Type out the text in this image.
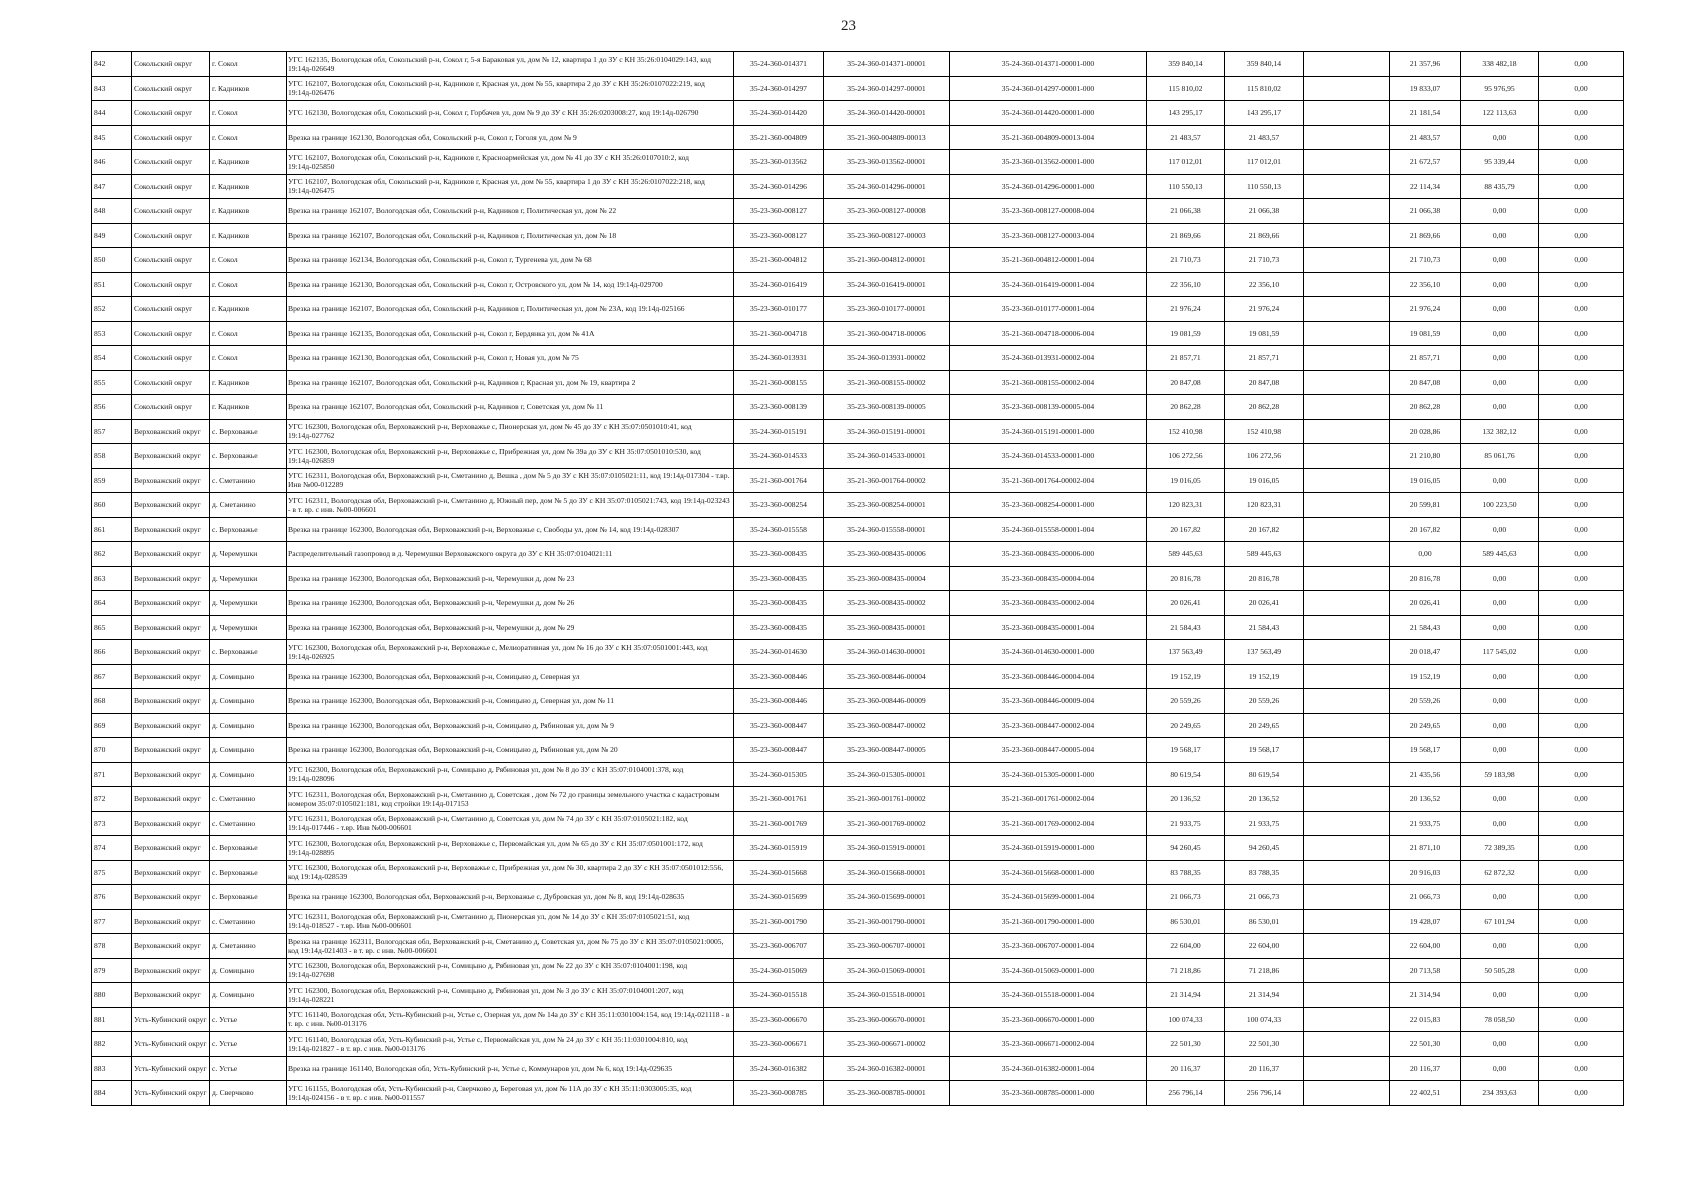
23
842	Сокольский округ	г. Сокол	УГС 162135, Вологодская обл, Сокольский р-н, Сокол г, 5-я Бараковая ул, дом № 12, квартира 1 до ЗУ с КН 35:26:0104029:143, код 19:14д-026649	35-24-360-014371	35-24-360-014371-00001	35-24-360-014371-00001-000	359 840,14	359 840,14		21 357,96	338 482,18	0,00
843	Сокольский округ	г. Кадников	УГС 162107, Вологодская обл, Сокольский р-н, Кадников г, Красная ул, дом № 55, квартира 2 до ЗУ с КН 35:26:0107022:219, код 19:14д-026476	35-24-360-014297	35-24-360-014297-00001	35-24-360-014297-00001-000	115 810,02	115 810,02		19 833,07	95 976,95	0,00
844	Сокольский округ	г. Сокол	УГС 162130, Вологодская обл, Сокольский р-н, Сокол г, Горбачев ул, дом № 9 до ЗУ с КН 35:26:0203008:27, код 19:14д-026790	35-24-360-014420	35-24-360-014420-00001	35-24-360-014420-00001-000	143 295,17	143 295,17		21 181,54	122 113,63	0,00
845	Сокольский округ	г. Сокол	Врезка на границе 162130, Вологодская обл, Сокольский р-н, Сокол г, Гоголя ул, дом № 9	35-21-360-004809	35-21-360-004809-00013	35-21-360-004809-00013-004	21 483,57	21 483,57		21 483,57	0,00	0,00
846	Сокольский округ	г. Кадников	УГС 162107, Вологодская обл, Сокольский р-н, Кадников г, Красноармейская ул, дом № 41 до ЗУ с КН 35:26:0107010:2, код 19:14д-025850	35-23-360-013562	35-23-360-013562-00001	35-23-360-013562-00001-000	117 012,01	117 012,01		21 672,57	95 339,44	0,00
847	Сокольский округ	г. Кадников	УГС 162107, Вологодская обл, Сокольский р-н, Кадников г, Красная ул, дом № 55, квартира 1 до ЗУ с КН 35:26:0107022:218, код 19:14д-026475	35-24-360-014296	35-24-360-014296-00001	35-24-360-014296-00001-000	110 550,13	110 550,13		22 114,34	88 435,79	0,00
848	Сокольский округ	г. Кадников	Врезка на границе 162107, Вологодская обл, Сокольский р-н, Кадников г, Политическая ул, дом № 22	35-23-360-008127	35-23-360-008127-00008	35-23-360-008127-00008-004	21 066,38	21 066,38		21 066,38	0,00	0,00
849	Сокольский округ	г. Кадников	Врезка на границе 162107, Вологодская обл, Сокольский р-н, Кадников г, Политическая ул, дом № 18	35-23-360-008127	35-23-360-008127-00003	35-23-360-008127-00003-004	21 869,66	21 869,66		21 869,66	0,00	0,00
850	Сокольский округ	г. Сокол	Врезка на границе 162134, Вологодская обл, Сокольский р-н, Сокол г, Тургенева ул, дом № 68	35-21-360-004812	35-21-360-004812-00001	35-21-360-004812-00001-004	21 710,73	21 710,73		21 710,73	0,00	0,00
851	Сокольский округ	г. Сокол	Врезка на границе 162130, Вологодская обл, Сокольский р-н, Сокол г, Островского ул, дом № 14, код 19:14д-029700	35-24-360-016419	35-24-360-016419-00001	35-24-360-016419-00001-004	22 356,10	22 356,10		22 356,10	0,00	0,00
852	Сокольский округ	г. Кадников	Врезка на границе 162107, Вологодская обл, Сокольский р-н, Кадников г, Политическая ул, дом № 23А, код 19:14д-025166	35-23-360-010177	35-23-360-010177-00001	35-23-360-010177-00001-004	21 976,24	21 976,24		21 976,24	0,00	0,00
853	Сокольский округ	г. Сокол	Врезка на границе 162135, Вологодская обл, Сокольский р-н, Сокол г, Бердянка ул, дом № 41А	35-21-360-004718	35-21-360-004718-00006	35-21-360-004718-00006-004	19 081,59	19 081,59		19 081,59	0,00	0,00
854	Сокольский округ	г. Сокол	Врезка на границе 162130, Вологодская обл, Сокольский р-н, Сокол г, Новая ул, дом № 75	35-24-360-013931	35-24-360-013931-00002	35-24-360-013931-00002-004	21 857,71	21 857,71		21 857,71	0,00	0,00
855	Сокольский округ	г. Кадников	Врезка на границе 162107, Вологодская обл, Сокольский р-н, Кадников г, Красная ул, дом № 19, квартира 2	35-21-360-008155	35-21-360-008155-00002	35-21-360-008155-00002-004	20 847,08	20 847,08		20 847,08	0,00	0,00
856	Сокольский округ	г. Кадников	Врезка на границе 162107, Вологодская обл, Сокольский р-н, Кадников г, Советская ул, дом № 11	35-23-360-008139	35-23-360-008139-00005	35-23-360-008139-00005-004	20 862,28	20 862,28		20 862,28	0,00	0,00
857	Верховажский округ	с. Верховажье	УГС 162300, Вологодская обл, Верховажский р-н, Верховажье с, Пионерская ул, дом № 45 до ЗУ с КН 35:07:0501010:41, код 19:14д-027762	35-24-360-015191	35-24-360-015191-00001	35-24-360-015191-00001-000	152 410,98	152 410,98		20 028,86	132 382,12	0,00
858	Верховажский округ	с. Верховажье	УГС 162300, Вологодская обл, Верховажский р-н, Верховажье с, Прибрежная ул, дом № 39а до ЗУ с КН 35:07:0501010:530, код 19:14д-026859	35-24-360-014533	35-24-360-014533-00001	35-24-360-014533-00001-000	106 272,56	106 272,56		21 210,80	85 061,76	0,00
859	Верховажский округ	с. Сметанино	УГС 162311, Вологодская обл, Верховажский р-н, Сметанино д, Вешка , дом № 5 до ЗУ с КН 35:07:0105021:11, код 19:14д-017304 - т.вр. Инв №00-012289	35-21-360-001764	35-21-360-001764-00002	35-21-360-001764-00002-004	19 016,05	19 016,05		19 016,05	0,00	0,00
860	Верховажский округ	д. Сметанино	УГС 162311, Вологодская обл, Верховажский р-н, Сметанино д, Южный пер, дом № 5 до ЗУ с КН 35:07:0105021:743, код 19:14д-023243 - в т. вр. с инв. №00-006601	35-23-360-008254	35-23-360-008254-00001	35-23-360-008254-00001-000	120 823,31	120 823,31		20 599,81	100 223,50	0,00
861	Верховажский округ	с. Верховажье	Врезка на границе 162300, Вологодская обл, Верховажский р-н, Верховажье с, Свободы ул, дом № 14, код 19:14д-028307	35-24-360-015558	35-24-360-015558-00001	35-24-360-015558-00001-004	20 167,82	20 167,82		20 167,82	0,00	0,00
862	Верховажский округ	д. Черемушки	Распределительный газопровод в д. Черемушки Верховажского округа до ЗУ с КН 35:07:0104021:11	35-23-360-008435	35-23-360-008435-00006	35-23-360-008435-00006-000	589 445,63	589 445,63		0,00	589 445,63	0,00
863	Верховажский округ	д. Черемушки	Врезка на границе 162300, Вологодская обл, Верховажский р-н, Черемушки д, дом № 23	35-23-360-008435	35-23-360-008435-00004	35-23-360-008435-00004-004	20 816,78	20 816,78		20 816,78	0,00	0,00
864	Верховажский округ	д. Черемушки	Врезка на границе 162300, Вологодская обл, Верховажский р-н, Черемушки д, дом № 26	35-23-360-008435	35-23-360-008435-00002	35-23-360-008435-00002-004	20 026,41	20 026,41		20 026,41	0,00	0,00
865	Верховажский округ	д. Черемушки	Врезка на границе 162300, Вологодская обл, Верховажский р-н, Черемушки д, дом № 29	35-23-360-008435	35-23-360-008435-00001	35-23-360-008435-00001-004	21 584,43	21 584,43		21 584,43	0,00	0,00
866	Верховажский округ	с. Верховажье	УГС 162300, Вологодская обл, Верховажский р-н, Верховажье с, Мелиоративная ул, дом № 16 до ЗУ с КН 35:07:0501001:443, код 19:14д-026925	35-24-360-014630	35-24-360-014630-00001	35-24-360-014630-00001-000	137 563,49	137 563,49		20 018,47	117 545,02	0,00
867	Верховажский округ	д. Сомицыно	Врезка на границе 162300, Вологодская обл, Верховажский р-н, Сомицыно д, Северная ул	35-23-360-008446	35-23-360-008446-00004	35-23-360-008446-00004-004	19 152,19	19 152,19		19 152,19	0,00	0,00
868	Верховажский округ	д. Сомицыно	Врезка на границе 162300, Вологодская обл, Верховажский р-н, Сомицыно д, Северная ул, дом № 11	35-23-360-008446	35-23-360-008446-00009	35-23-360-008446-00009-004	20 559,26	20 559,26		20 559,26	0,00	0,00
869	Верховажский округ	д. Сомицыно	Врезка на границе 162300, Вологодская обл, Верховажский р-н, Сомицыно д, Рябиновая ул, дом № 9	35-23-360-008447	35-23-360-008447-00002	35-23-360-008447-00002-004	20 249,65	20 249,65		20 249,65	0,00	0,00
870	Верховажский округ	д. Сомицыно	Врезка на границе 162300, Вологодская обл, Верховажский р-н, Сомицыно д, Рябиновая ул, дом № 20	35-23-360-008447	35-23-360-008447-00005	35-23-360-008447-00005-004	19 568,17	19 568,17		19 568,17	0,00	0,00
871	Верховажский округ	д. Сомицыно	УГС 162300, Вологодская обл, Верховажский р-н, Сомицыно д, Рябиновая ул, дом № 8 до ЗУ с КН 35:07:0104001:378, код 19:14д-028096	35-24-360-015305	35-24-360-015305-00001	35-24-360-015305-00001-000	80 619,54	80 619,54		21 435,56	59 183,98	0,00
872	Верховажский округ	с. Сметанино	УГС 162311, Вологодская обл, Верховажский р-н, Сметанино д, Советская , дом № 72 до границы земельного участка с кадастровым номером 35:07:0105021:181, код стройки 19:14д-017153	35-21-360-001761	35-21-360-001761-00002	35-21-360-001761-00002-004	20 136,52	20 136,52		20 136,52	0,00	0,00
873	Верховажский округ	с. Сметанино	УГС 162311, Вологодская обл, Верховажский р-н, Сметанино д, Советская ул, дом № 74 до ЗУ с КН 35:07:0105021:182, код 19:14д-017446 - т.вр. Инв №00-006601	35-21-360-001769	35-21-360-001769-00002	35-21-360-001769-00002-004	21 933,75	21 933,75		21 933,75	0,00	0,00
874	Верховажский округ	с. Верховажье	УГС 162300, Вологодская обл, Верховажский р-н, Верховажье с, Первомайская ул, дом № 65 до ЗУ с КН 35:07:0501001:172, код 19:14д-028895	35-24-360-015919	35-24-360-015919-00001	35-24-360-015919-00001-000	94 260,45	94 260,45		21 871,10	72 389,35	0,00
875	Верховажский округ	с. Верховажье	УГС 162300, Вологодская обл, Верховажский р-н, Верховажье с, Прибрежная ул, дом № 30, квартира 2 до ЗУ с КН 35:07:0501012:556, код 19:14д-028539	35-24-360-015668	35-24-360-015668-00001	35-24-360-015668-00001-000	83 788,35	83 788,35		20 916,03	62 872,32	0,00
876	Верховажский округ	с. Верховажье	Врезка на границе 162300, Вологодская обл, Верховажский р-н, Верховажье с, Дубровская ул, дом № 8, код 19:14д-028635	35-24-360-015699	35-24-360-015699-00001	35-24-360-015699-00001-004	21 066,73	21 066,73		21 066,73	0,00	0,00
877	Верховажский округ	с. Сметанино	УГС 162311, Вологодская обл, Верховажский р-н, Сметанино д, Пионерская ул, дом № 14 до ЗУ с КН 35:07:0105021:51, код 19:14д-018527 - т.вр. Инв №00-006601	35-21-360-001790	35-21-360-001790-00001	35-21-360-001790-00001-000	86 530,01	86 530,01		19 428,07	67 101,94	0,00
878	Верховажский округ	д. Сметанино	Врезка на границе 162311, Вологодская обл, Верховажский р-н, Сметанино д, Советская ул, дом № 75 до ЗУ с КН 35:07:0105021:0005, код 19:14д-021403 - в т. вр. с инв. №00-006601	35-23-360-006707	35-23-360-006707-00001	35-23-360-006707-00001-004	22 604,00	22 604,00		22 604,00	0,00	0,00
879	Верховажский округ	д. Сомицыно	УГС 162300, Вологодская обл, Верховажский р-н, Сомицыно д, Рябиновая ул, дом № 22 до ЗУ с КН 35:07:0104001:198, код 19:14д-027698	35-24-360-015069	35-24-360-015069-00001	35-24-360-015069-00001-000	71 218,86	71 218,86		20 713,58	50 505,28	0,00
880	Верховажский округ	д. Сомицыно	УГС 162300, Вологодская обл, Верховажский р-н, Сомицыно д, Рябиновая ул, дом № 3 до ЗУ с КН 35:07:0104001:207, код 19:14д-028221	35-24-360-015518	35-24-360-015518-00001	35-24-360-015518-00001-004	21 314,94	21 314,94		21 314,94	0,00	0,00
881	Усть-Кубинский округ	с. Устье	УГС 161140, Вологодская обл, Усть-Кубинский р-н, Устье с, Озерная ул, дом № 14а до ЗУ с КН 35:11:0301004:154, код 19:14д-021118 - в т. вр. с инв. №00-013176	35-23-360-006670	35-23-360-006670-00001	35-23-360-006670-00001-000	100 074,33	100 074,33		22 015,83	78 058,50	0,00
882	Усть-Кубинский округ	с. Устье	УГС 161140, Вологодская обл, Усть-Кубинский р-н, Устье с, Первомайская ул, дом № 24 до ЗУ с КН 35:11:0301004:810, код 19:14д-021827 - в т. вр. с инв. №00-013176	35-23-360-006671	35-23-360-006671-00002	35-23-360-006671-00002-004	22 501,30	22 501,30		22 501,30	0,00	0,00
883	Усть-Кубинский округ	с. Устье	Врезка на границе 161140, Вологодская обл, Усть-Кубинский р-н, Устье с, Коммунаров ул, дом № 6, код 19:14д-029635	35-24-360-016382	35-24-360-016382-00001	35-24-360-016382-00001-004	20 116,37	20 116,37		20 116,37	0,00	0,00
884	Усть-Кубинский округ	д. Сверчково	УГС 161155, Вологодская обл, Усть-Кубинский р-н, Сверчково д, Береговая ул, дом № 11А до ЗУ с КН 35:11:0303005:35, код 19:14д-024156 - в т. вр. с инв. №00-011557	35-23-360-008785	35-23-360-008785-00001	35-23-360-008785-00001-000	256 796,14	256 796,14		22 402,51	234 393,63	0,00
